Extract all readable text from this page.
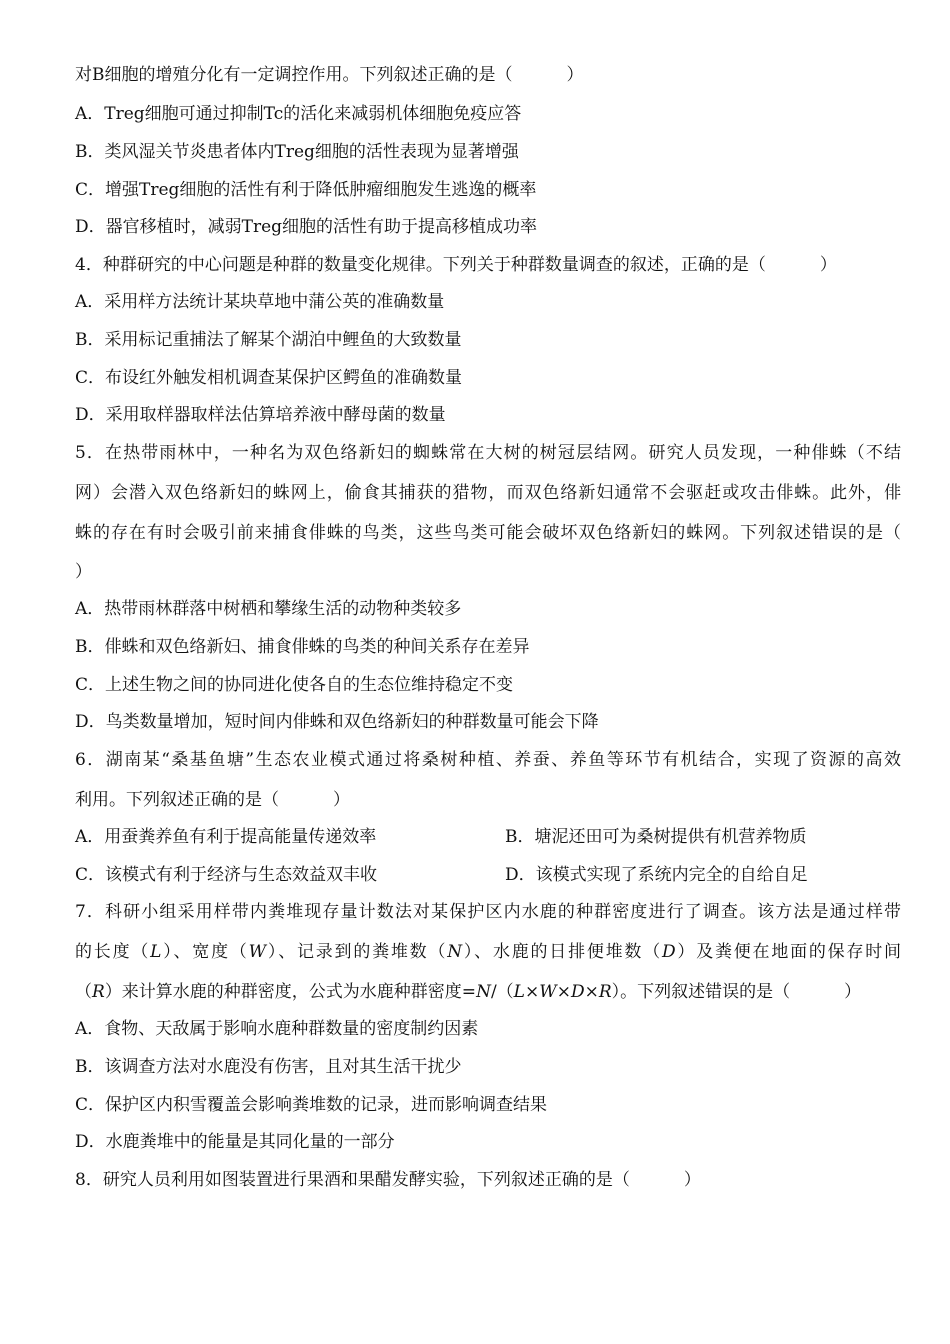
对B细胞的增殖分化有一定调控作用。下列叙述正确的是（	）
A．Treg细胞可通过抑制Tc的活化来减弱机体细胞免疫应答
B．类风湿关节炎患者体内Treg细胞的活性表现为显著增强
C．增强Treg细胞的活性有利于降低肿瘤细胞发生逃逸的概率
D．器官移植时，减弱Treg细胞的活性有助于提高移植成功率
4．种群研究的中心问题是种群的数量变化规律。下列关于种群数量调查的叙述，正确的是（	）
A．采用样方法统计某块草地中蒲公英的准确数量
B．采用标记重捕法了解某个湖泊中鲤鱼的大致数量
C．布设红外触发相机调查某保护区鳄鱼的准确数量
D．采用取样器取样法估算培养液中酵母菌的数量
5．在热带雨林中，一种名为双色络新妇的蜘蛛常在大树的树冠层结网。研究人员发现，一种俳蛛（不结
网）会潜入双色络新妇的蛛网上，偷食其捕获的猎物，而双色络新妇通常不会驱赶或攻击俳蛛。此外，俳
蛛的存在有时会吸引前来捕食俳蛛的鸟类，这些鸟类可能会破坏双色络新妇的蛛网。下列叙述错误的是（
）
A．热带雨林群落中树栖和攀缘生活的动物种类较多
B．俳蛛和双色络新妇、捕食俳蛛的鸟类的种间关系存在差异
C．上述生物之间的协同进化使各自的生态位维持稳定不变
D．鸟类数量增加，短时间内俳蛛和双色络新妇的种群数量可能会下降
6．湖南某“桑基鱼塘”生态农业模式通过将桑树种植、养蚕、养鱼等环节有机结合，实现了资源的高效
利用。下列叙述正确的是（	）
A．用蚕粪养鱼有利于提高能量传递效率	B．塘泥还田可为桑树提供有机营养物质
C．该模式有利于经济与生态效益双丰收	D．该模式实现了系统内完全的自给自足
7．科研小组采用样带内粪堆现存量计数法对某保护区内水鹿的种群密度进行了调查。该方法是通过样带
的长度（L）、宽度（W）、记录到的粪堆数（N）、水鹿的日排便堆数（D）及粪便在地面的保存时间
（R）来计算水鹿的种群密度，公式为水鹿种群密度=N/（L×W×D×R）。下列叙述错误的是（	）
A．食物、天敌属于影响水鹿种群数量的密度制约因素
B．该调查方法对水鹿没有伤害，且对其生活干扰少
C．保护区内积雪覆盖会影响粪堆数的记录，进而影响调查结果
D．水鹿粪堆中的能量是其同化量的一部分
8．研究人员利用如图装置进行果酒和果醋发酵实验，下列叙述正确的是（	）
